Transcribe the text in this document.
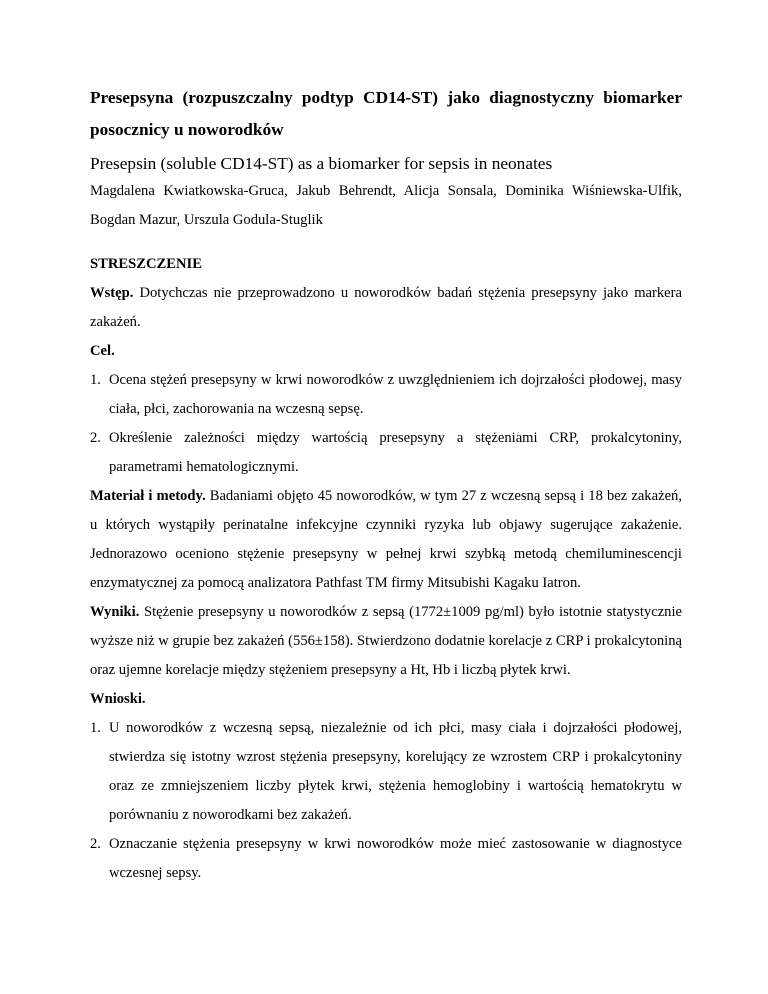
Presepsyna (rozpuszczalny podtyp CD14-ST) jako diagnostyczny biomarker posocznicy u noworodków

Presepsin (soluble CD14-ST) as a biomarker for sepsis in neonates

Magdalena Kwiatkowska-Gruca, Jakub Behrendt, Alicja Sonsala, Dominika Wiśniewska-Ulfik, Bogdan Mazur, Urszula Godula-Stuglik

STRESZCZENIE

Wstęp. Dotychczas nie przeprowadzono u noworodków badań stężenia presepsyny jako markera zakażeń.

Cel.

1. Ocena stężeń presepsyny w krwi noworodków z uwzględnieniem ich dojrzałości płodowej, masy ciała, płci, zachorowania na wczesną sepsę.
2. Określenie zależności między wartością presepsyny a stężeniami CRP, prokalcytoniny, parametrami hematologicznymi.

Materiał i metody. Badaniami objęto 45 noworodków, w tym 27 z wczesną sepsą i 18 bez zakażeń, u których wystąpiły perinatalne infekcyjne czynniki ryzyka lub objawy sugerujące zakażenie. Jednorazowo oceniono stężenie presepsyny w pełnej krwi szybką metodą chemiluminescencji enzymatycznej za pomocą analizatora Pathfast TM firmy Mitsubishi Kagaku Iatron.

Wyniki. Stężenie presepsyny u noworodków z sepsą (1772±1009 pg/ml) było istotnie statystycznie wyższe niż w grupie bez zakażeń (556±158). Stwierdzono dodatnie korelacje z CRP i prokalcytoniną oraz ujemne korelacje między stężeniem presepsyny a Ht, Hb i liczbą płytek krwi.

Wnioski.

1. U noworodków z wczesną sepsą, niezależnie od ich płci, masy ciała i dojrzałości płodowej, stwierdza się istotny wzrost stężenia presepsyny, korelujący ze wzrostem CRP i prokalcytoniny oraz ze zmniejszeniem liczby płytek krwi, stężenia hemoglobiny i wartością hematokrytu w porównaniu z noworodkami bez zakażeń.
2. Oznaczanie stężenia presepsyny w krwi noworodków może mieć zastosowanie w diagnostyce wczesnej sepsy.
